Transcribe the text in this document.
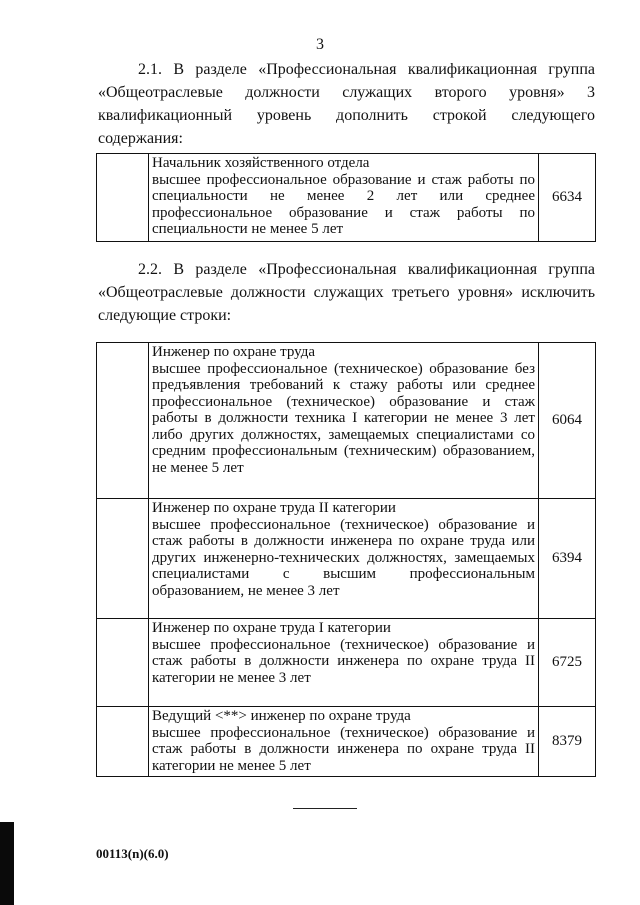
3

2.1. В разделе «Профессиональная квалификационная группа «Общеотраслевые должности служащих второго уровня» 3 квалификационный уровень дополнить строкой следующего содержания:

Начальник хозяйственного отдела
высшее профессиональное образование и стаж работы по специальности не менее 2 лет или среднее профессиональное образование и стаж работы по специальности не менее 5 лет
	6634

2.2. В разделе «Профессиональная квалификационная группа «Общеотраслевые должности служащих третьего уровня» исключить следующие строки:

	Инженер по охране труда
высшее профессиональное (техническое) образование без предъявления требований к стажу работы или среднее профессиональное (техническое) образование и стаж работы в должности техника I категории не менее 3 лет либо других должностях, замещаемых специалистами со средним профессиональным (техническим) образованием, не менее 5 лет	6064

	Инженер по охране труда II категории
высшее профессиональное (техническое) образование и стаж работы в должности инженера по охране труда или других инженерно-технических должностях, замещаемых специалистами с высшим профессиональным образованием, не менее 3 лет	6394

	Инженер по охране труда I категории
высшее профессиональное (техническое) образование и стаж работы в должности инженера по охране труда II категории не менее 3 лет	6725

	Ведущий <**> инженер по охране труда
высшее профессиональное (техническое) образование и стаж работы в должности инженера по охране труда II категории не менее 5 лет	8379
00113(n)(6.0)
